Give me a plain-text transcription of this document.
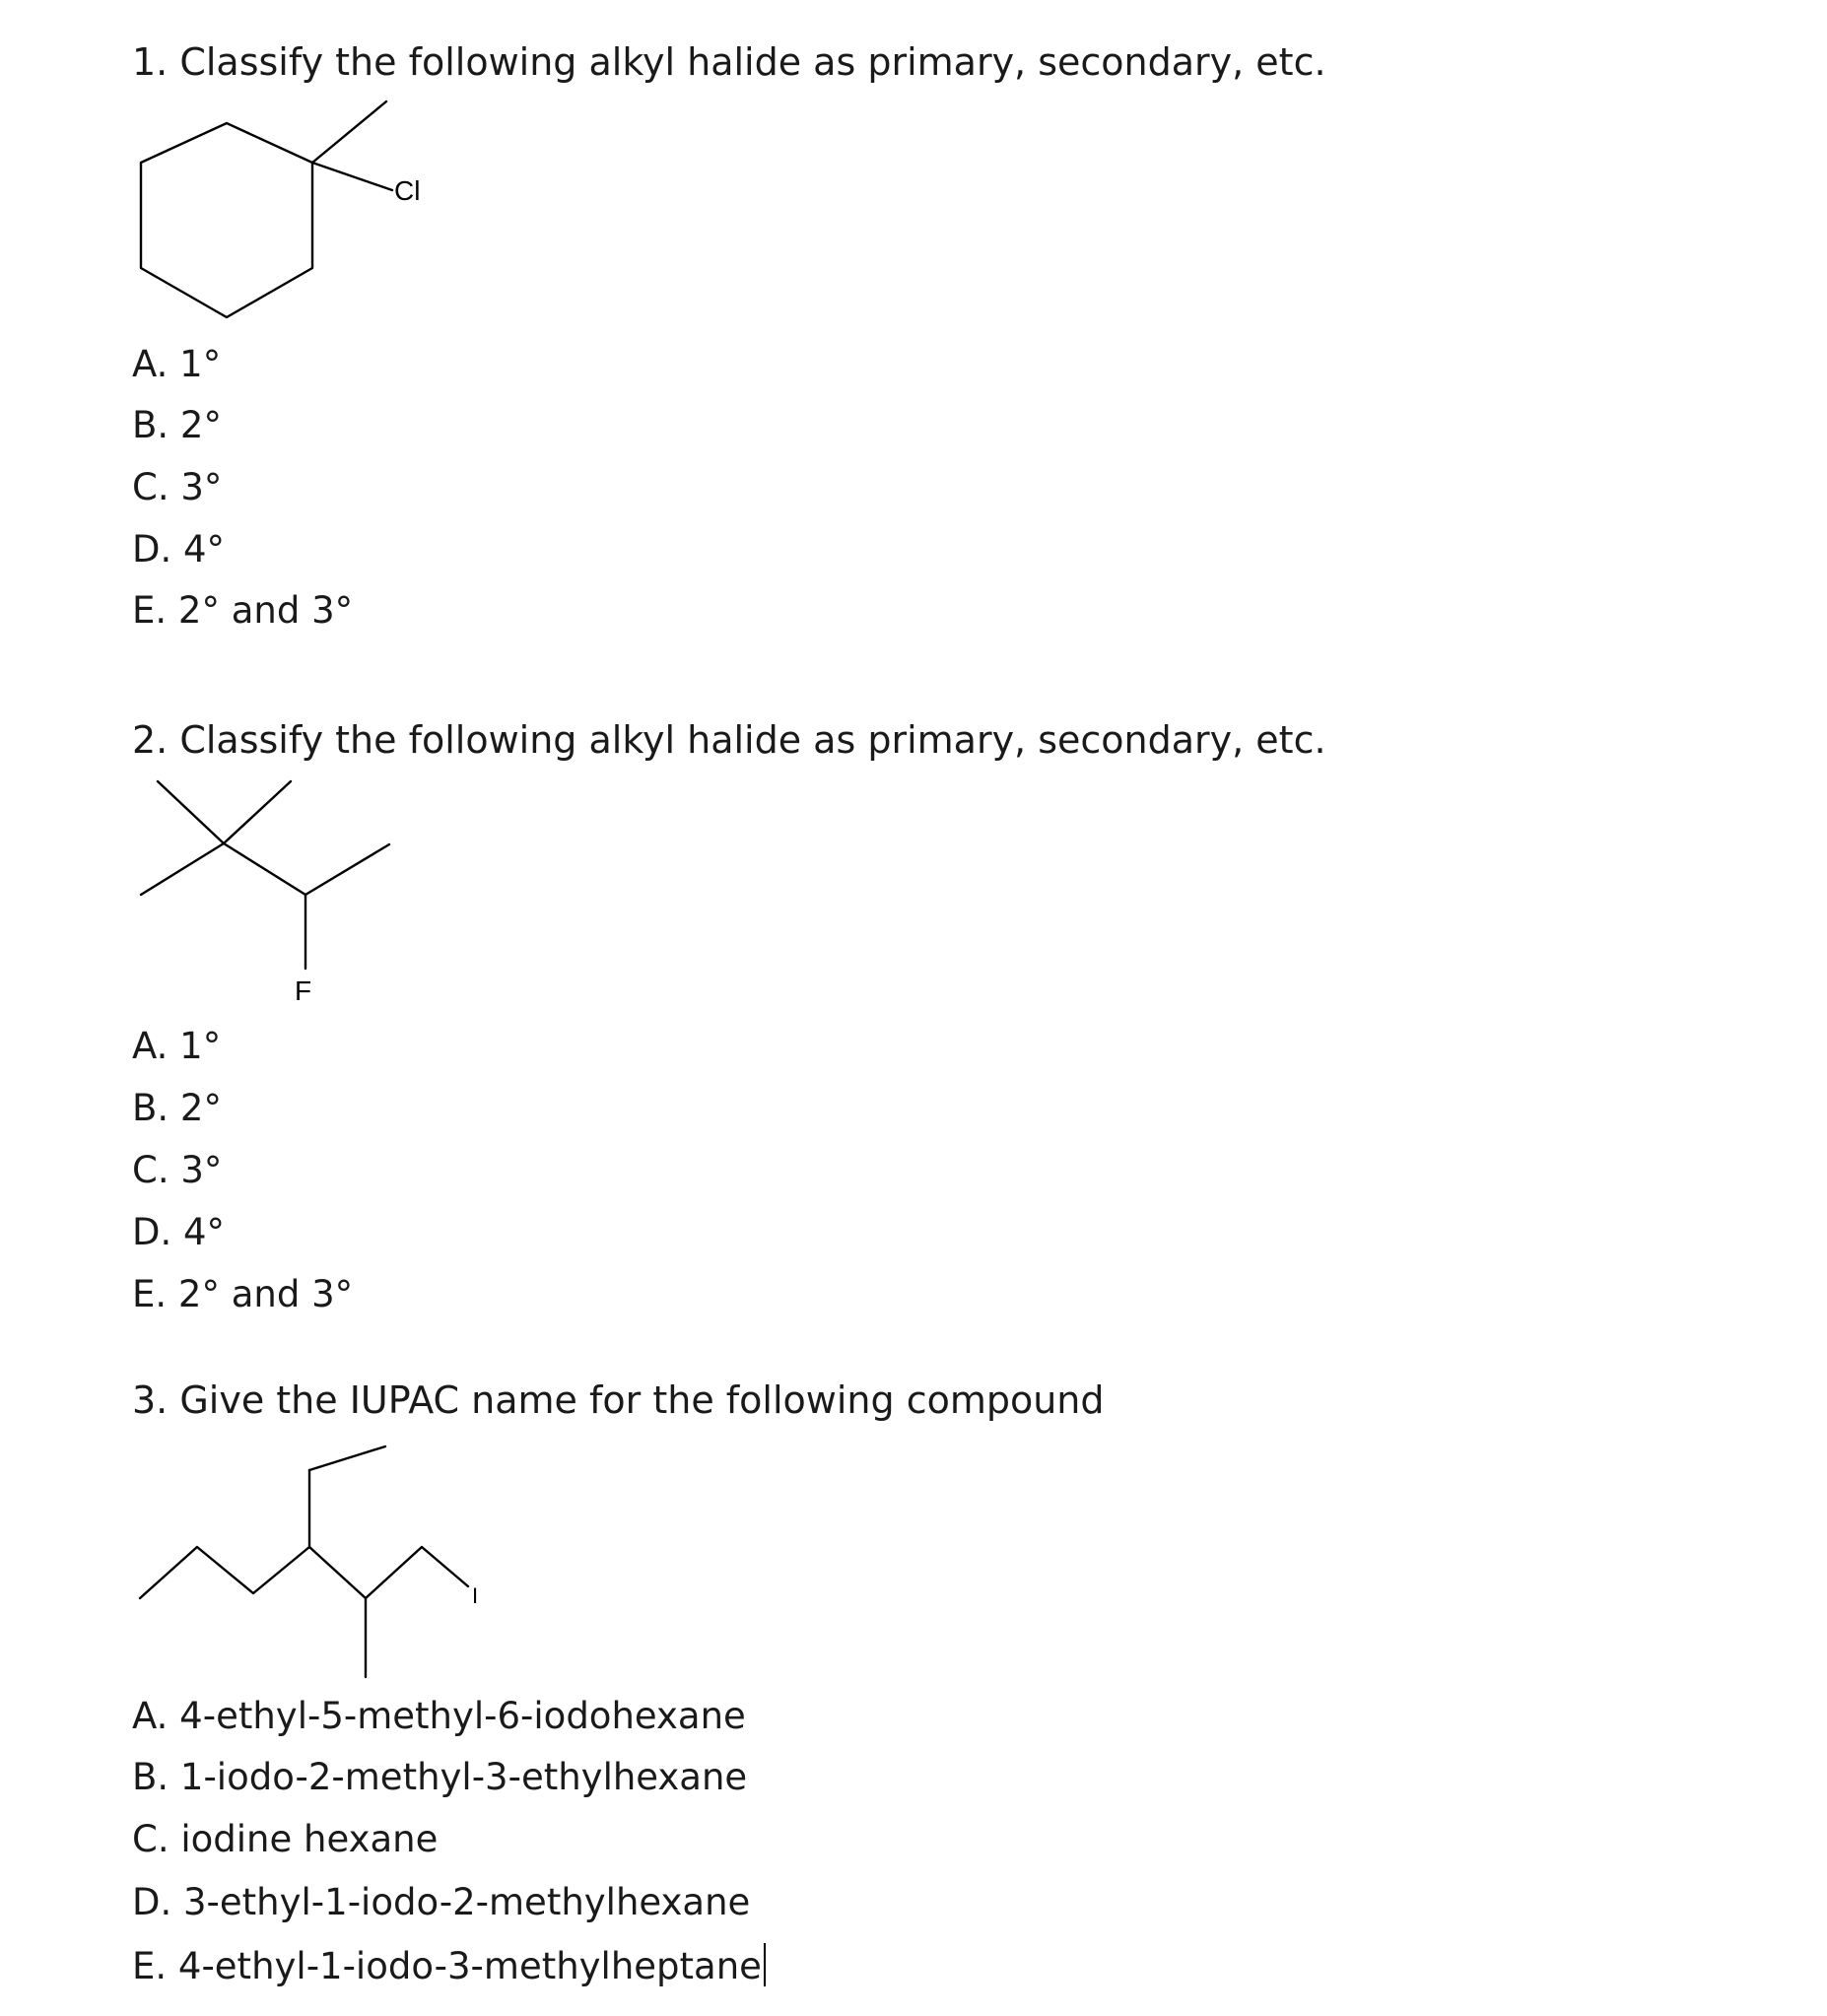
1. Classify the following alkyl halide as primary, secondary, etc.
Cl
A. 1°
B. 2°
C. 3°
D. 4°
E. 2° and 3°
2. Classify the following alkyl halide as primary, secondary, etc.
F
A. 1°
B. 2°
C. 3°
D. 4°
E. 2° and 3°
3. Give the IUPAC name for the following compound
I
A. 4-ethyl-5-methyl-6-iodohexane
B. 1-iodo-2-methyl-3-ethylhexane
C. iodine hexane
D. 3-ethyl-1-iodo-2-methylhexane
E. 4-ethyl-1-iodo-3-methylheptane
